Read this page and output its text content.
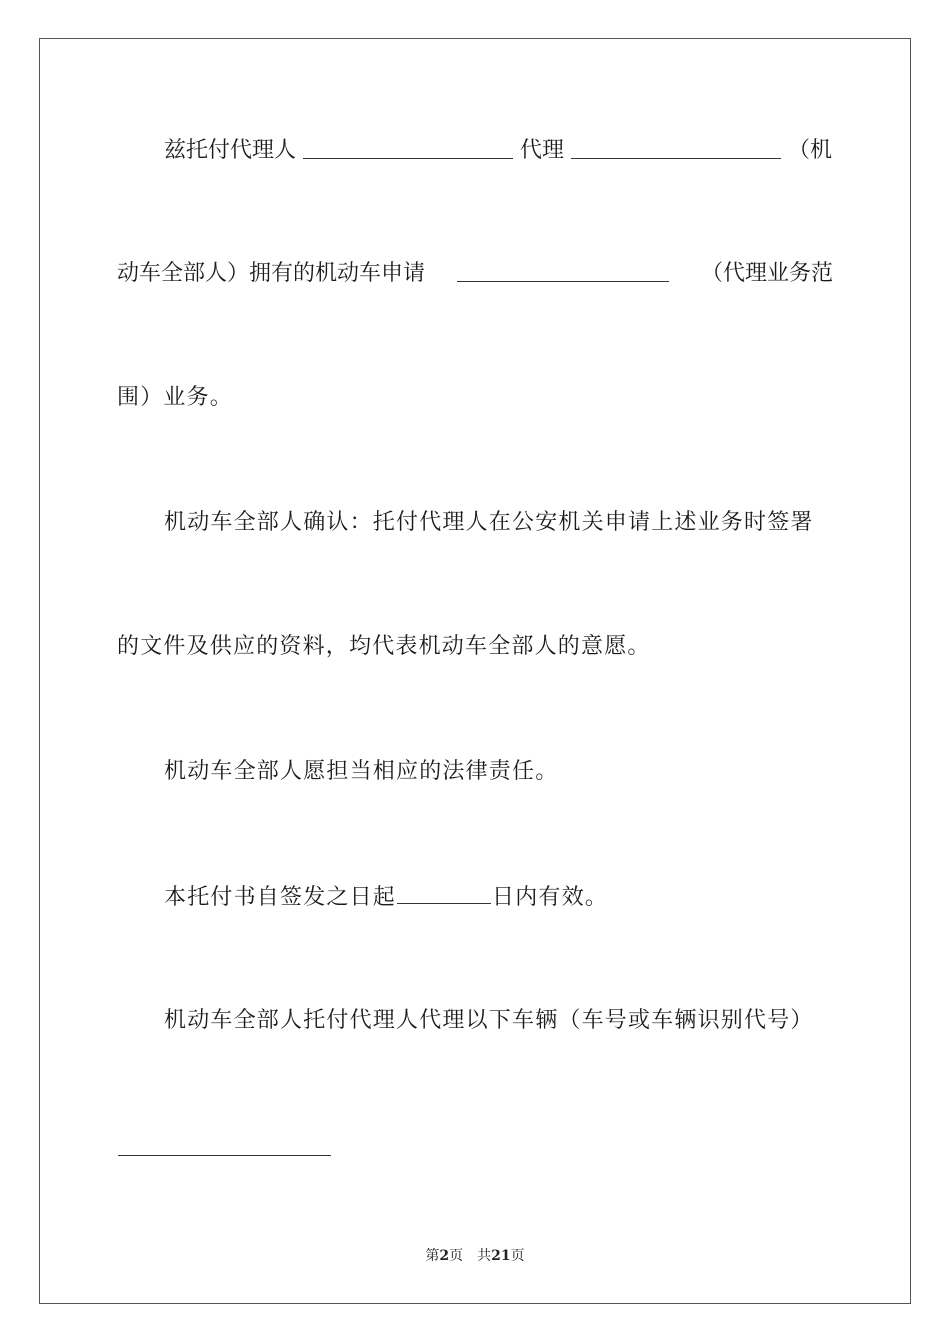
兹托付代理人	代理	（机
动车全部人）拥有的机动车申请	（代理业务范
围）业务。
机动车全部人确认：托付代理人在公安机关申请上述业务时签署
的文件及供应的资料，均代表机动车全部人的意愿。
机动车全部人愿担当相应的法律责任。
本托付书自签发之日起	日内有效。
机动车全部人托付代理人代理以下车辆（车号或车辆识别代号）
第2页 共21页
